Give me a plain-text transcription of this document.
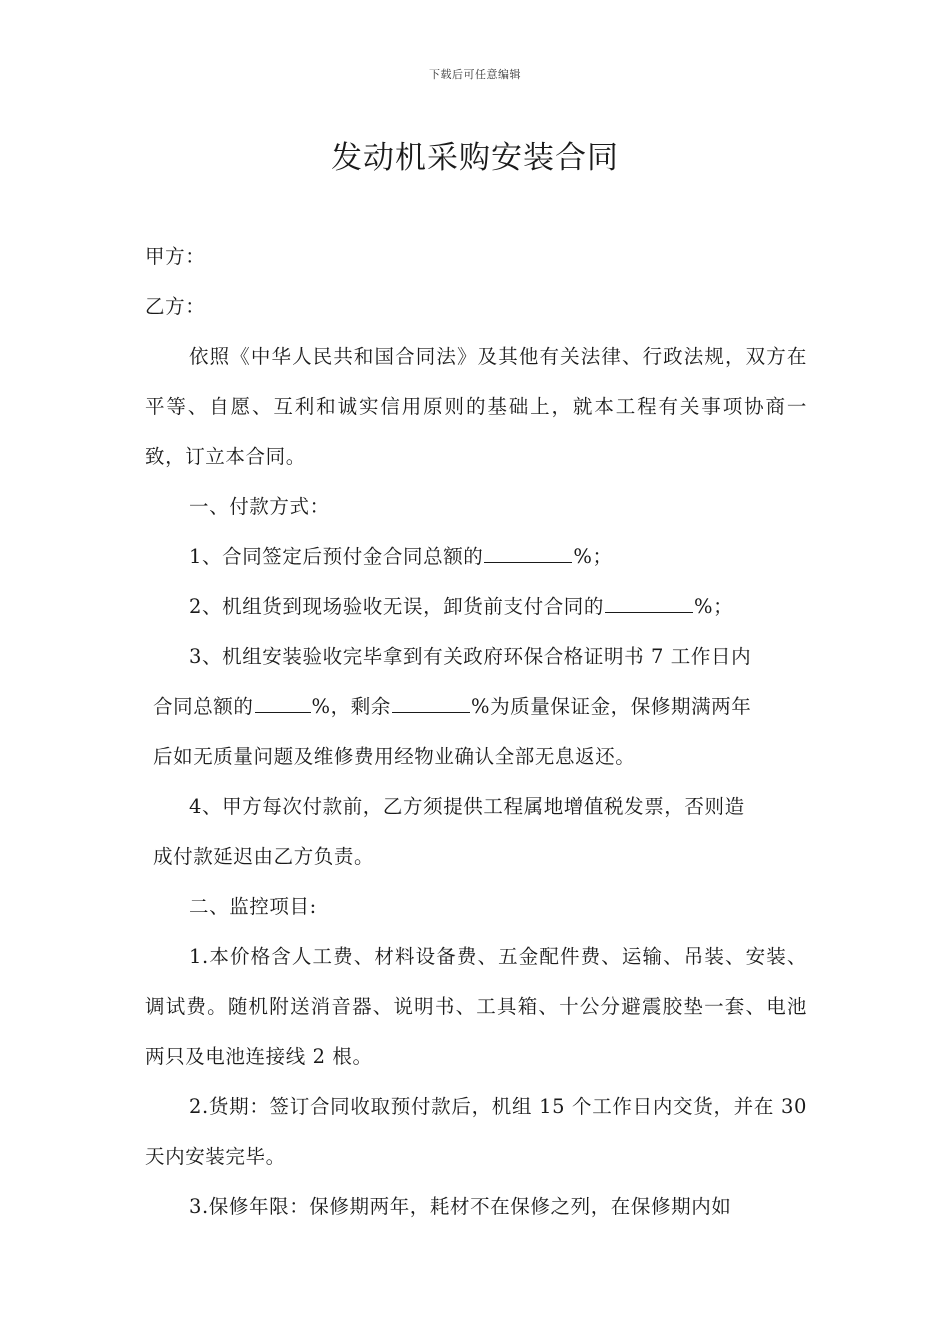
下载后可任意编辑
发动机采购安装合同

甲方：

乙方：

依照《中华人民共和国合同法》及其他有关法律、行政法规，双方在平等、自愿、互利和诚实信用原则的基础上，就本工程有关事项协商一致，订立本合同。

一、付款方式：

1、合同签定后预付金合同总额的	%；

2、机组货到现场验收无误，卸货前支付合同的	%；

3、机组安装验收完毕拿到有关政府环保合格证明书 7 工作日内

合同总额的	%，剩余	%为质量保证金，保修期满两年

后如无质量问题及维修费用经物业确认全部无息返还。

4、甲方每次付款前，乙方须提供工程属地增值税发票，否则造

成付款延迟由乙方负责。

二、监控项目:

1.本价格含人工费、材料设备费、五金配件费、运输、吊装、安装、调试费。随机附送消音器、说明书、工具箱、十公分避震胶垫一套、电池两只及电池连接线 2 根。

2.货期：签订合同收取预付款后，机组 15 个工作日内交货，并在 30 天内安装完毕。

3.保修年限：保修期两年，耗材不在保修之列，在保修期内如
